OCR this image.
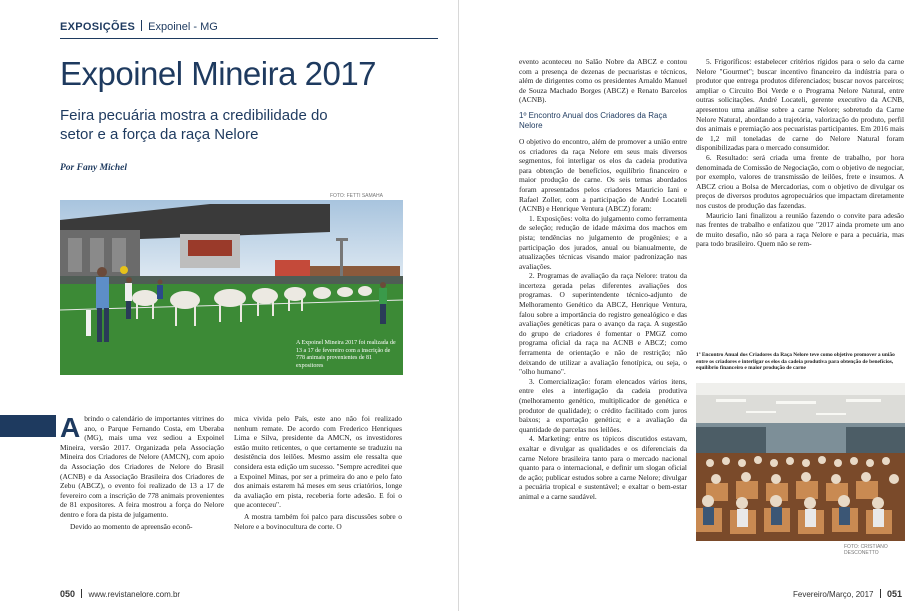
EXPOSIÇÕES Expoinel - MG
Expoinel Mineira 2017
Feira pecuária mostra a credibilidade do setor e a força da raça Nelore
Por Fany Michel
FOTO: FETTI SAMAHA
A Expoinel Mineira 2017 foi realizada de 13 a 17 de fevereiro com a inscrição de 778 animais provenientes de 81 expositores
Abrindo o calendário de importantes vitrines do ano, o Parque Fernando Costa, em Uberaba (MG), mais uma vez sediou a Expoinel Mineira, versão 2017. Organizada pela Associação Mineira dos Criadores de Nelore (AMCN), com apoio da Associação dos Criadores de Nelore do Brasil (ACNB) e da Associação Brasileira dos Criadores de Zebu (ABCZ), o evento foi realizado de 13 a 17 de fevereiro com a inscrição de 778 animais provenientes de 81 expositores. A feira mostrou a força do Nelore dentro e fora da pista de julgamento.

Devido ao momento de apreensão econô-

mica vivida pelo País, este ano não foi realizado nenhum remate. De acordo com Frederico Henriques Lima e Silva, presidente da AMCN, os investidores estão muito reticentes, o que certamente se traduziu na desistência dos leilões. Mesmo assim ele ressalta que considera esta edição um sucesso. "Sempre acreditei que a Expoinel Minas, por ser a primeira do ano e pelo fato dos animais estarem há meses em seus criatórios, longe da avaliação em pista, receberia forte adesão. E foi o que aconteceu".

A mostra também foi palco para discussões sobre o Nelore e a bovinocultura de corte. O

050 www.revistanelore.com.br

evento aconteceu no Salão Nobre da ABCZ e contou com a presença de dezenas de pecuaristas e técnicos, além de dirigentes como os presidentes Arnaldo Manuel de Souza Machado Borges (ABCZ) e Renato Barcelos (ACNB).

1º Encontro Anual dos Criadores da Raça Nelore

O objetivo do encontro, além de promover a união entre os criadores da raça Nelore em seus mais diversos segmentos, foi interligar os elos da cadeia produtiva para obtenção de benefícios, equilíbrio financeiro e maior produção de carne. Os seis temas abordados foram apresentados pelos criadores Mauricio Iani e Rafael Zoller, com a participação de André Locateli (ACNB) e Henrique Ventura (ABCZ) foram:

1. Exposições: volta do julgamento como ferramenta de seleção; redução de idade máxima dos machos em pista; tendências no julgamento de progênies; e a participação dos jurados, anual ou bianualmente, de atualizações técnicas visando maior padronização nas avaliações.

2. Programas de avaliação da raça Nelore: tratou da incerteza gerada pelas diferentes avaliações dos programas. O superintendente técnico-adjunto de Melhoramento Genético da ABCZ, Henrique Ventura, falou sobre a importância do registro genealógico e das avaliações genéticas para o avanço da raça. A sugestão do grupo de criadores é fomentar o PMGZ como programa oficial da raça na ACNB e ABCZ; como ferramenta de orientação e não de restrição; não deixando de utilizar a avaliação fenotípica, ou seja, o "olho humano".

3. Comercialização: foram elencados vários itens, entre eles a interligação da cadeia produtiva (melhoramento genético, multiplicador de genética e produtor de qualidade); o crédito facilitado com juros baixos; a exportação genética; e a avaliação da quantidade de parcelas nos leilões.

4. Marketing: entre os tópicos discutidos estavam, exaltar e divulgar as qualidades e os diferenciais da carne Nelore brasileira tanto para o mercado nacional quanto para o internacional, e definir um slogan oficial de ação; publicar estudos sobre a carne Nelore; divulgar a pecuária tropical e sustentável; e exaltar o bem-estar animal e a carne saudável.

5. Frigoríficos: estabelecer critérios rígidos para o selo da carne Nelore "Gourmet"; buscar incentivo financeiro da indústria para o produtor que entrega produtos diferenciados; buscar novos parceiros; ampliar o Circuito Boi Verde e o Programa Nelore Natural, entre outras solicitações. André Locateli, gerente executivo da ACNB, apresentou uma análise sobre a carne Nelore; sobretudo da Carne Nelore Natural, abordando a trajetória, valorização do produto, perfil dos animais e premiação aos pecuaristas participantes. Em 2016 mais de 1,2 mil toneladas de carne do Nelore Natural foram disponibilizadas para o mercado consumidor.

6. Resultado: será criada uma frente de trabalho, por hora denominada de Comissão de Negociação, com o objetivo de negociar, por exemplo, valores de transmissão de leilões, frete e insumos. A ABCZ criou a Bolsa de Mercadorias, com o objetivo de divulgar os preços de diversos produtos agropecuários que impactam diretamente nos custos de produção das fazendas.

Mauricio Iani finalizou a reunião fazendo o convite para adesão nas frentes de trabalho e enfatizou que "2017 ainda promete um ano de muito desafio, não só para a raça Nelore e para a pecuária, mas para todo brasileiro. Quem não se rem-

1º Encontro Anual dos Criadores da Raça Nelore teve como objetivo promover a união entre os criadores e interligar os elos da cadeia produtiva para obtenção de benefícios, equilíbrio financeiro e maior produção de carne
FOTO: CRISTIANO DESCONETTO
Fevereiro/Março, 2017 051
